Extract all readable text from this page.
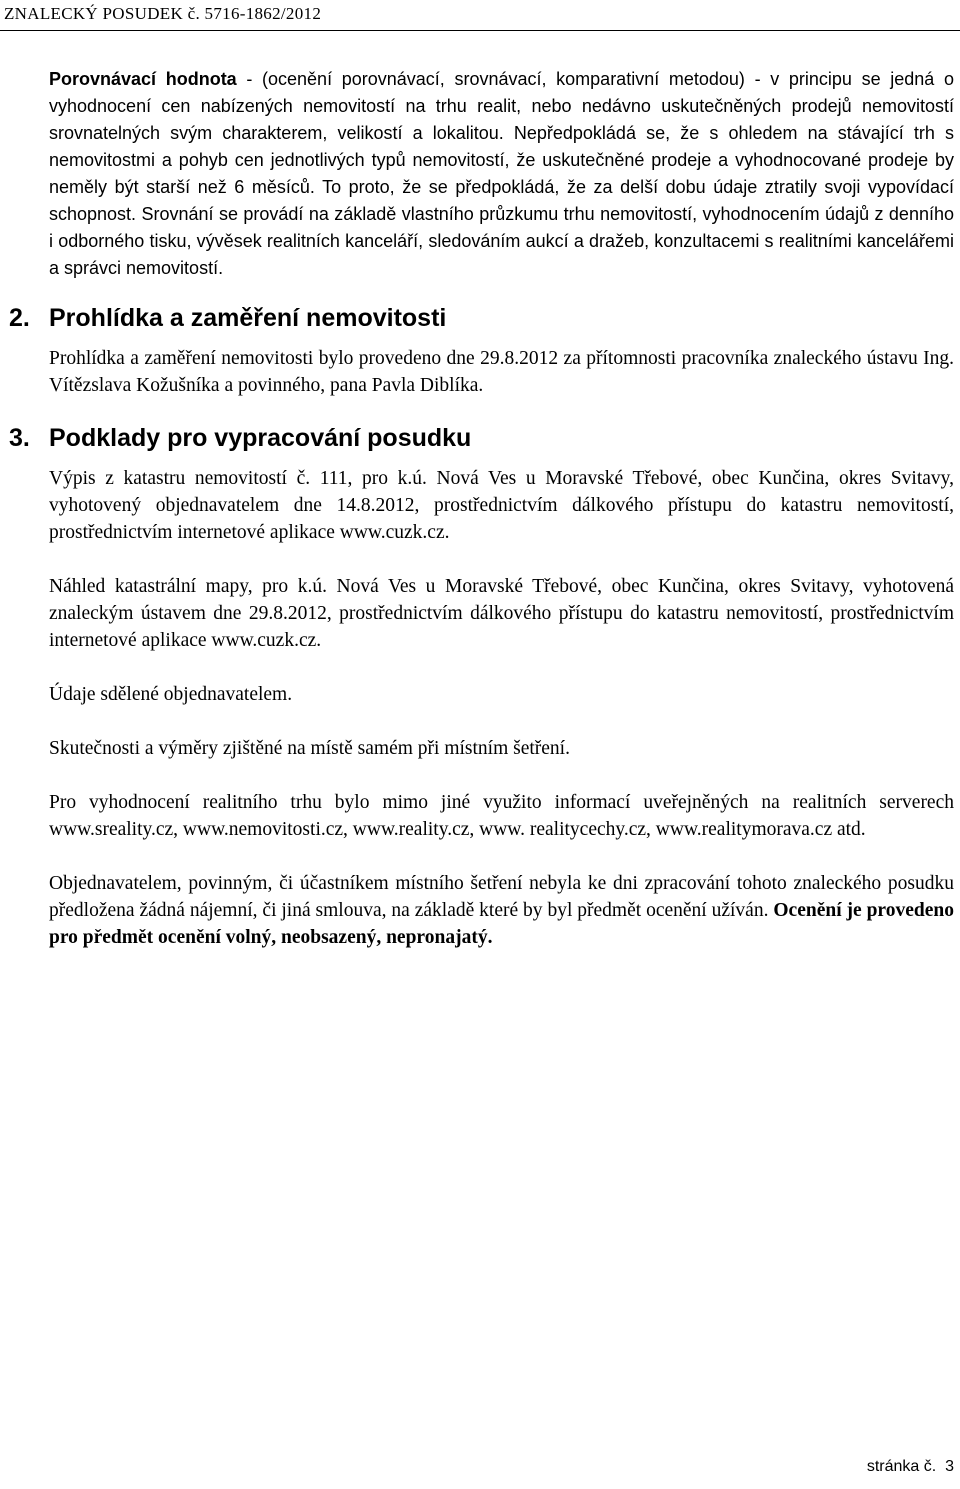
ZNALECKÝ POSUDEK č. 5716-1862/2012

Porovnávací hodnota - (ocenění porovnávací, srovnávací, komparativní metodou) - v principu se jedná o vyhodnocení cen nabízených nemovitostí na trhu realit, nebo nedávno uskutečněných prodejů nemovitostí srovnatelných svým charakterem, velikostí a lokalitou. Nepředpokládá se, že s ohledem na stávající trh s nemovitostmi a pohyb cen jednotlivých typů nemovitostí, že uskutečněné prodeje a vyhodnocované prodeje by neměly být starší než 6 měsíců. To proto, že se předpokládá, že za delší dobu údaje ztratily svoji vypovídací schopnost. Srovnání se provádí na základě vlastního průzkumu trhu nemovitostí, vyhodnocením údajů z denního i odborného tisku, vývěsek realitních kanceláří, sledováním aukcí a dražeb, konzultacemi s realitními kancelářemi a správci nemovitostí.

2. Prohlídka a zaměření nemovitosti

Prohlídka a zaměření nemovitosti bylo provedeno dne 29.8.2012 za přítomnosti pracovníka znaleckého ústavu Ing. Vítězslava Kožušníka a povinného, pana Pavla Diblíka.

3. Podklady pro vypracování posudku

Výpis z katastru nemovitostí č. 111, pro k.ú. Nová Ves u Moravské Třebové, obec Kunčina, okres Svitavy, vyhotovený objednavatelem dne 14.8.2012, prostřednictvím dálkového přístupu do katastru nemovitostí, prostřednictvím internetové aplikace www.cuzk.cz.

Náhled katastrální mapy, pro k.ú. Nová Ves u Moravské Třebové, obec Kunčina, okres Svitavy, vyhotovená znaleckým ústavem dne 29.8.2012, prostřednictvím dálkového přístupu do katastru nemovitostí, prostřednictvím internetové aplikace www.cuzk.cz.

Údaje sdělené objednavatelem.

Skutečnosti a výměry zjištěné na místě samém při místním šetření.

Pro vyhodnocení realitního trhu bylo mimo jiné využito informací uveřejněných na realitních serverech www.sreality.cz, www.nemovitosti.cz, www.reality.cz, www. realitycechy.cz, www.realitymorava.cz atd.

Objednavatelem, povinným, či účastníkem místního šetření nebyla ke dni zpracování tohoto znaleckého posudku předložena žádná nájemní, či jiná smlouva, na základě které by byl předmět ocenění užíván. Ocenění je provedeno pro předmět ocenění volný, neobsazený, nepronajatý.

stránka č. 3
